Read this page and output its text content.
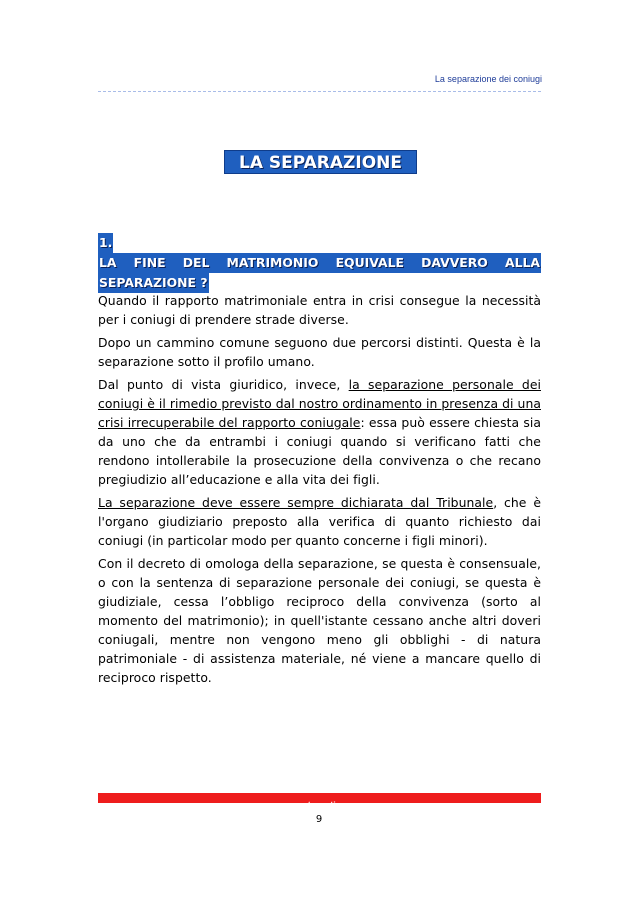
La separazione dei coniugi
LA SEPARAZIONE
1.
LA FINE DEL MATRIMONIO EQUIVALE DAVVERO ALLA
SEPARAZIONE ?

Quando il rapporto matrimoniale entra in crisi consegue la necessità per i coniugi di prendere strade diverse.

Dopo un cammino comune seguono due percorsi distinti. Questa è la separazione sotto il profilo umano.

Dal punto di vista giuridico, invece, la separazione personale dei coniugi è il rimedio previsto dal nostro ordinamento in presenza di una crisi irrecuperabile del rapporto coniugale: essa può essere chiesta sia da uno che da entrambi i coniugi quando si verificano fatti che rendono intollerabile la prosecuzione della convivenza o che recano pregiudizio all’educazione e alla vita dei figli.

La separazione deve essere sempre dichiarata dal Tribunale, che è l'organo giudiziario preposto alla verifica di quanto richiesto dai coniugi (in particolar modo per quanto concerne i figli minori).

Con il decreto di omologa della separazione, se questa è consensuale, o con la sentenza di separazione personale dei coniugi, se questa è giudiziale, cessa l’obbligo reciproco della convivenza (sorto al momento del matrimonio); in quell'istante cessano anche altri doveri coniugali, mentre non vengono meno gli obblighi - di natura patrimoniale - di assistenza materiale, né viene a mancare quello di reciproco rispetto.

avvocatogratis.com
9
